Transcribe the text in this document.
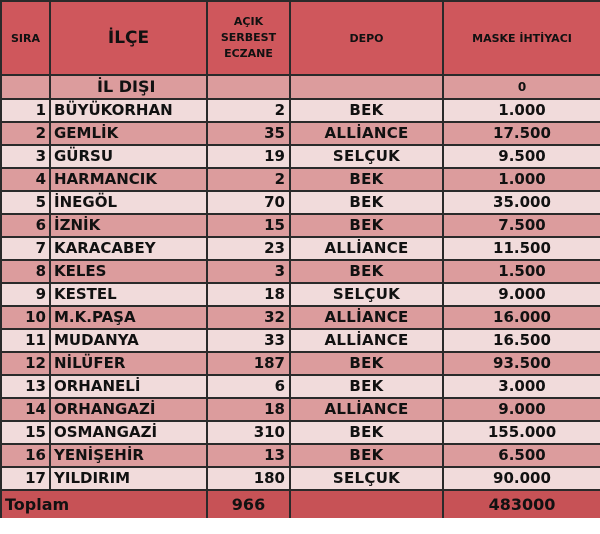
SIRA	İLÇE	AÇIK
SERBEST
ECZANE	DEPO	MASKE İHTİYACI
	İL DIŞI			0
1	BÜYÜKORHAN	2	BEK	1.000
2	GEMLİK	35	ALLİANCE	17.500
3	GÜRSU	19	SELÇUK	9.500
4	HARMANCIK	2	BEK	1.000
5	İNEGÖL	70	BEK	35.000
6	İZNİK	15	BEK	7.500
7	KARACABEY	23	ALLİANCE	11.500
8	KELES	3	BEK	1.500
9	KESTEL	18	SELÇUK	9.000
10	M.K.PAŞA	32	ALLİANCE	16.000
11	MUDANYA	33	ALLİANCE	16.500
12	NİLÜFER	187	BEK	93.500
13	ORHANELİ	6	BEK	3.000
14	ORHANGAZİ	18	ALLİANCE	9.000
15	OSMANGAZİ	310	BEK	155.000
16	YENİŞEHİR	13	BEK	6.500
17	YILDIRIM	180	SELÇUK	90.000
Toplam		966		483000
